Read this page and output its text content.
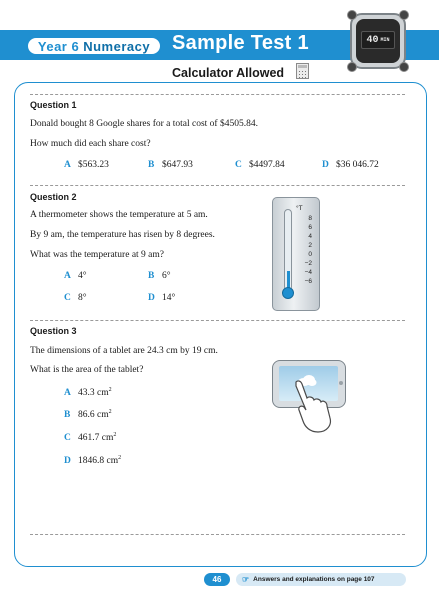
Year 6 Numeracy Sample Test 1	40 MIN
Calculator Allowed
Question 1
Donald bought 8 Google shares for a total cost of $4505.84.
How much did each share cost?
A $563.23	B $647.93	C $4497.84	D $36 046.72
Question 2
A thermometer shows the temperature at 5 am.
By 9 am, the temperature has risen by 8 degrees.
What was the temperature at 9 am?
A 4°	B 6°
C 8°	D 14°
°T
8
6
4
2
0
−2
−4
−6
Question 3
The dimensions of a tablet are 24.3 cm by 19 cm.
What is the area of the tablet?
A 43.3 $cm^2$
B 86.6 $cm^2$
C 461.7 $cm^2$
D 1846.8 $cm^2$
46	☞ Answers and explanations on page 107
